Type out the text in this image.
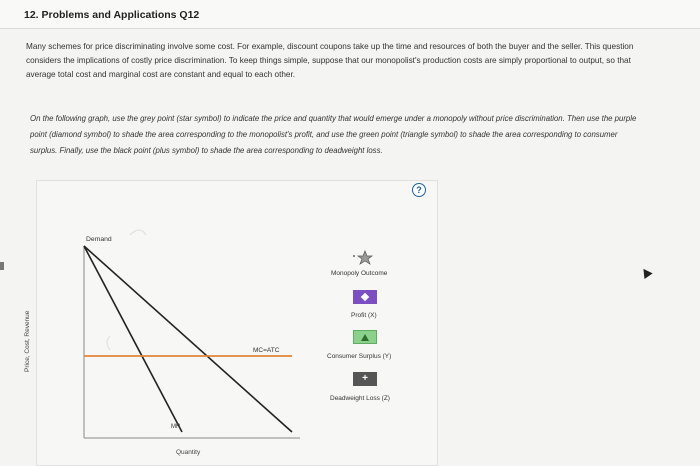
12. Problems and Applications Q12
Many schemes for price discriminating involve some cost. For example, discount coupons take up the time and resources of both the buyer and the seller. This question considers the implications of costly price discrimination. To keep things simple, suppose that our monopolist's production costs are simply proportional to output, so that average total cost and marginal cost are constant and equal to each other.
On the following graph, use the grey point (star symbol) to indicate the price and quantity that would emerge under a monopoly without price discrimination. Then use the purple point (diamond symbol) to shade the area corresponding to the monopolist's profit, and use the green point (triangle symbol) to shade the area corresponding to consumer surplus. Finally, use the black point (plus symbol) to shade the area corresponding to deadweight loss.
Monopoly Outcome
Profit (X)
Consumer Surplus (Y)
+
Deadweight Loss (Z)
?
Price, Cost, Revenue
Quantity
Demand
MR
MC=ATC
